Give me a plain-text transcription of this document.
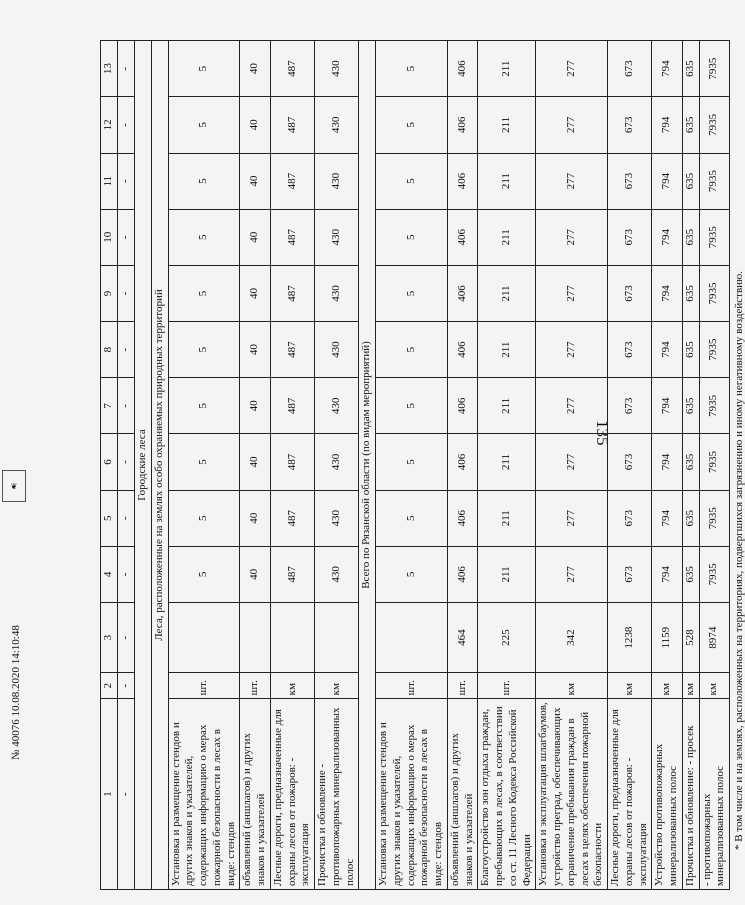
135
1	2	3	4	5	6	7	8	9	10	11	12	13
-	-	-	-	-	-	-	-	-	-	-	-	-
Городские леса												
Леса, расположенные на землях особо охраняемых природных территорий												
Установка и размещение стендов и других знаков и указателей, содержащих информацию о мерах пожарной безопасности в лесах в виде: стендов	шт.		5	5	5	5	5	5	5	5	5	5
объявлений (аншлагов) и других знаков и указателей	шт.		40	40	40	40	40	40	40	40	40	40
Лесные дороги, предназначенные для охраны лесов от пожаров: - эксплуатация	км		487	487	487	487	487	487	487	487	487	487
Прочистка и обновление - противопожарных минерализованных полос	км		430	430	430	430	430	430	430	430	430	430
Всего по Рязанской области (по видам мероприятий)												
Установка и размещение стендов и других знаков и указателей, содержащих информацию о мерах пожарной безопасности в лесах в виде: стендов	шт.		5	5	5	5	5	5	5	5	5	5
объявлений (аншлагов) и других знаков и указателей	шт.	464	406	406	406	406	406	406	406	406	406	406
Благоустройство зон отдыха граждан, пребывающих в лесах, в соответствии со ст. 11 Лесного Кодекса Российской Федерации	шт.	225	211	211	211	211	211	211	211	211	211	211
Установка и эксплуатация шлагбаумов, устройство преград, обеспечивающих ограничение пребывания граждан в лесах в целях обеспечения пожарной безопасности	км	342	277	277	277	277	277	277	277	277	277	277
Лесные дороги, предназначенные для охраны лесов от пожаров: - эксплуатация	км	1238	673	673	673	673	673	673	673	673	673	673
Устройство противопожарных минерализованных полос	км	1159	794	794	794	794	794	794	794	794	794	794
Прочистка и обновление: - просек	км	528	635	635	635	635	635	635	635	635	635	635
- противопожарных минерализованных полос	км	8974	7935	7935	7935	7935	7935	7935	7935	7935	7935	7935
* В том числе и на землях, расположенных на территориях, подвергшихся загрязнению и иному негативному воздействию.
❦
№ 40076 10.08.2020 14:10:48
